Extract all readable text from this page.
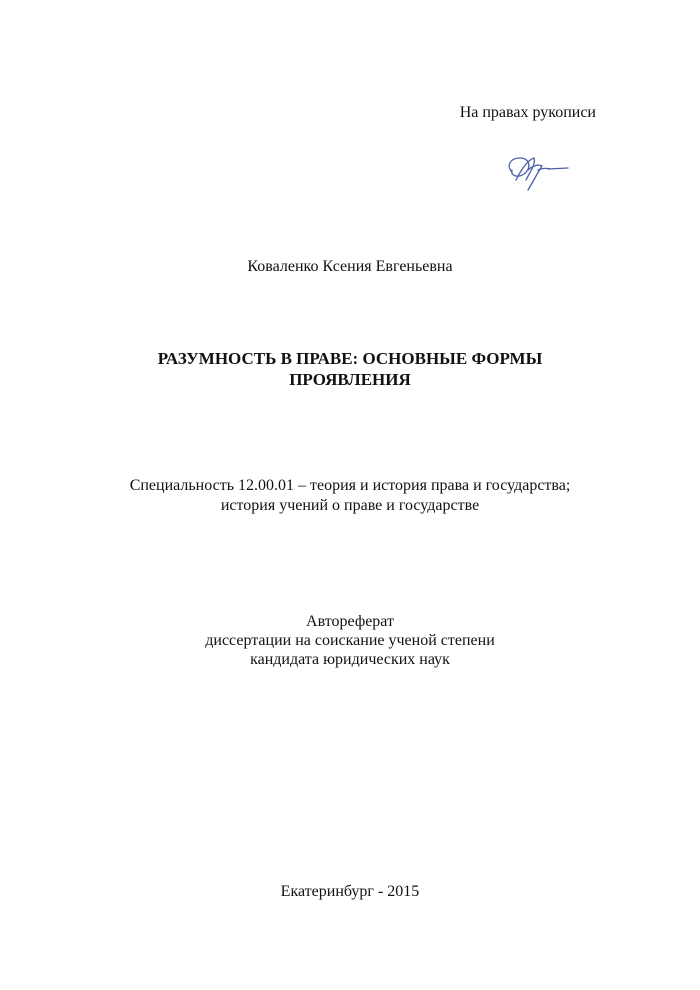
На правах рукописи
Коваленко Ксения Евгеньевна
РАЗУМНОСТЬ В ПРАВЕ: ОСНОВНЫЕ ФОРМЫ
ПРОЯВЛЕНИЯ
Специальность 12.00.01 – теория и история права и государства;
история учений о праве и государстве
Автореферат
диссертации на соискание ученой степени
кандидата юридических наук
Екатеринбург - 2015
